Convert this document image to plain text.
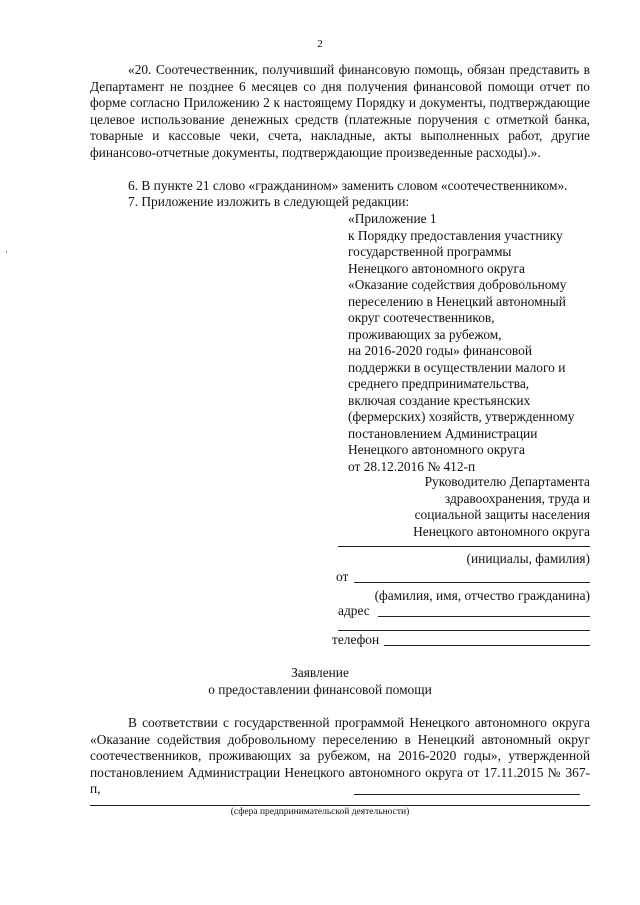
2

«20. Соотечественник, получивший финансовую помощь, обязан представить в Департамент не позднее 6 месяцев со дня получения финансовой помощи отчет по форме согласно Приложению 2 к настоящему Порядку и документы, подтверждающие целевое использование денежных средств (платежные поручения с отметкой банка, товарные и кассовые чеки, счета, накладные, акты выполненных работ, другие финансово-отчетные документы, подтверждающие произведенные расходы).».

6. В пункте 21 слово «гражданином» заменить словом «соотечественником».
7. Приложение изложить в следующей редакции:
«Приложение 1
к Порядку предоставления участнику
государственной программы
Ненецкого автономного округа
«Оказание содействия добровольному
переселению в Ненецкий автономный
округ соотечественников,
проживающих за рубежом,
на 2016-2020 годы» финансовой
поддержки в осуществлении малого и
среднего предпринимательства,
включая создание крестьянских
(фермерских) хозяйств, утвержденному
постановлением Администрации
Ненецкого автономного округа
от 28.12.2016 № 412-п
Руководителю Департамента
здравоохранения, труда и
социальной защиты населения
Ненецкого автономного округа
(инициалы, фамилия)
от
(фамилия, имя, отчество гражданина)
адрес
телефон
Заявление
о предоставлении финансовой помощи

В соответствии с государственной программой Ненецкого автономного округа «Оказание содействия добровольному переселению в Ненецкий автономный округ соотечественников, проживающих за рубежом, на 2016-2020 годы», утвержденной постановлением Администрации Ненецкого автономного округа от 17.11.2015 № 367-п,

(сфера предпринимательской деятельности)
